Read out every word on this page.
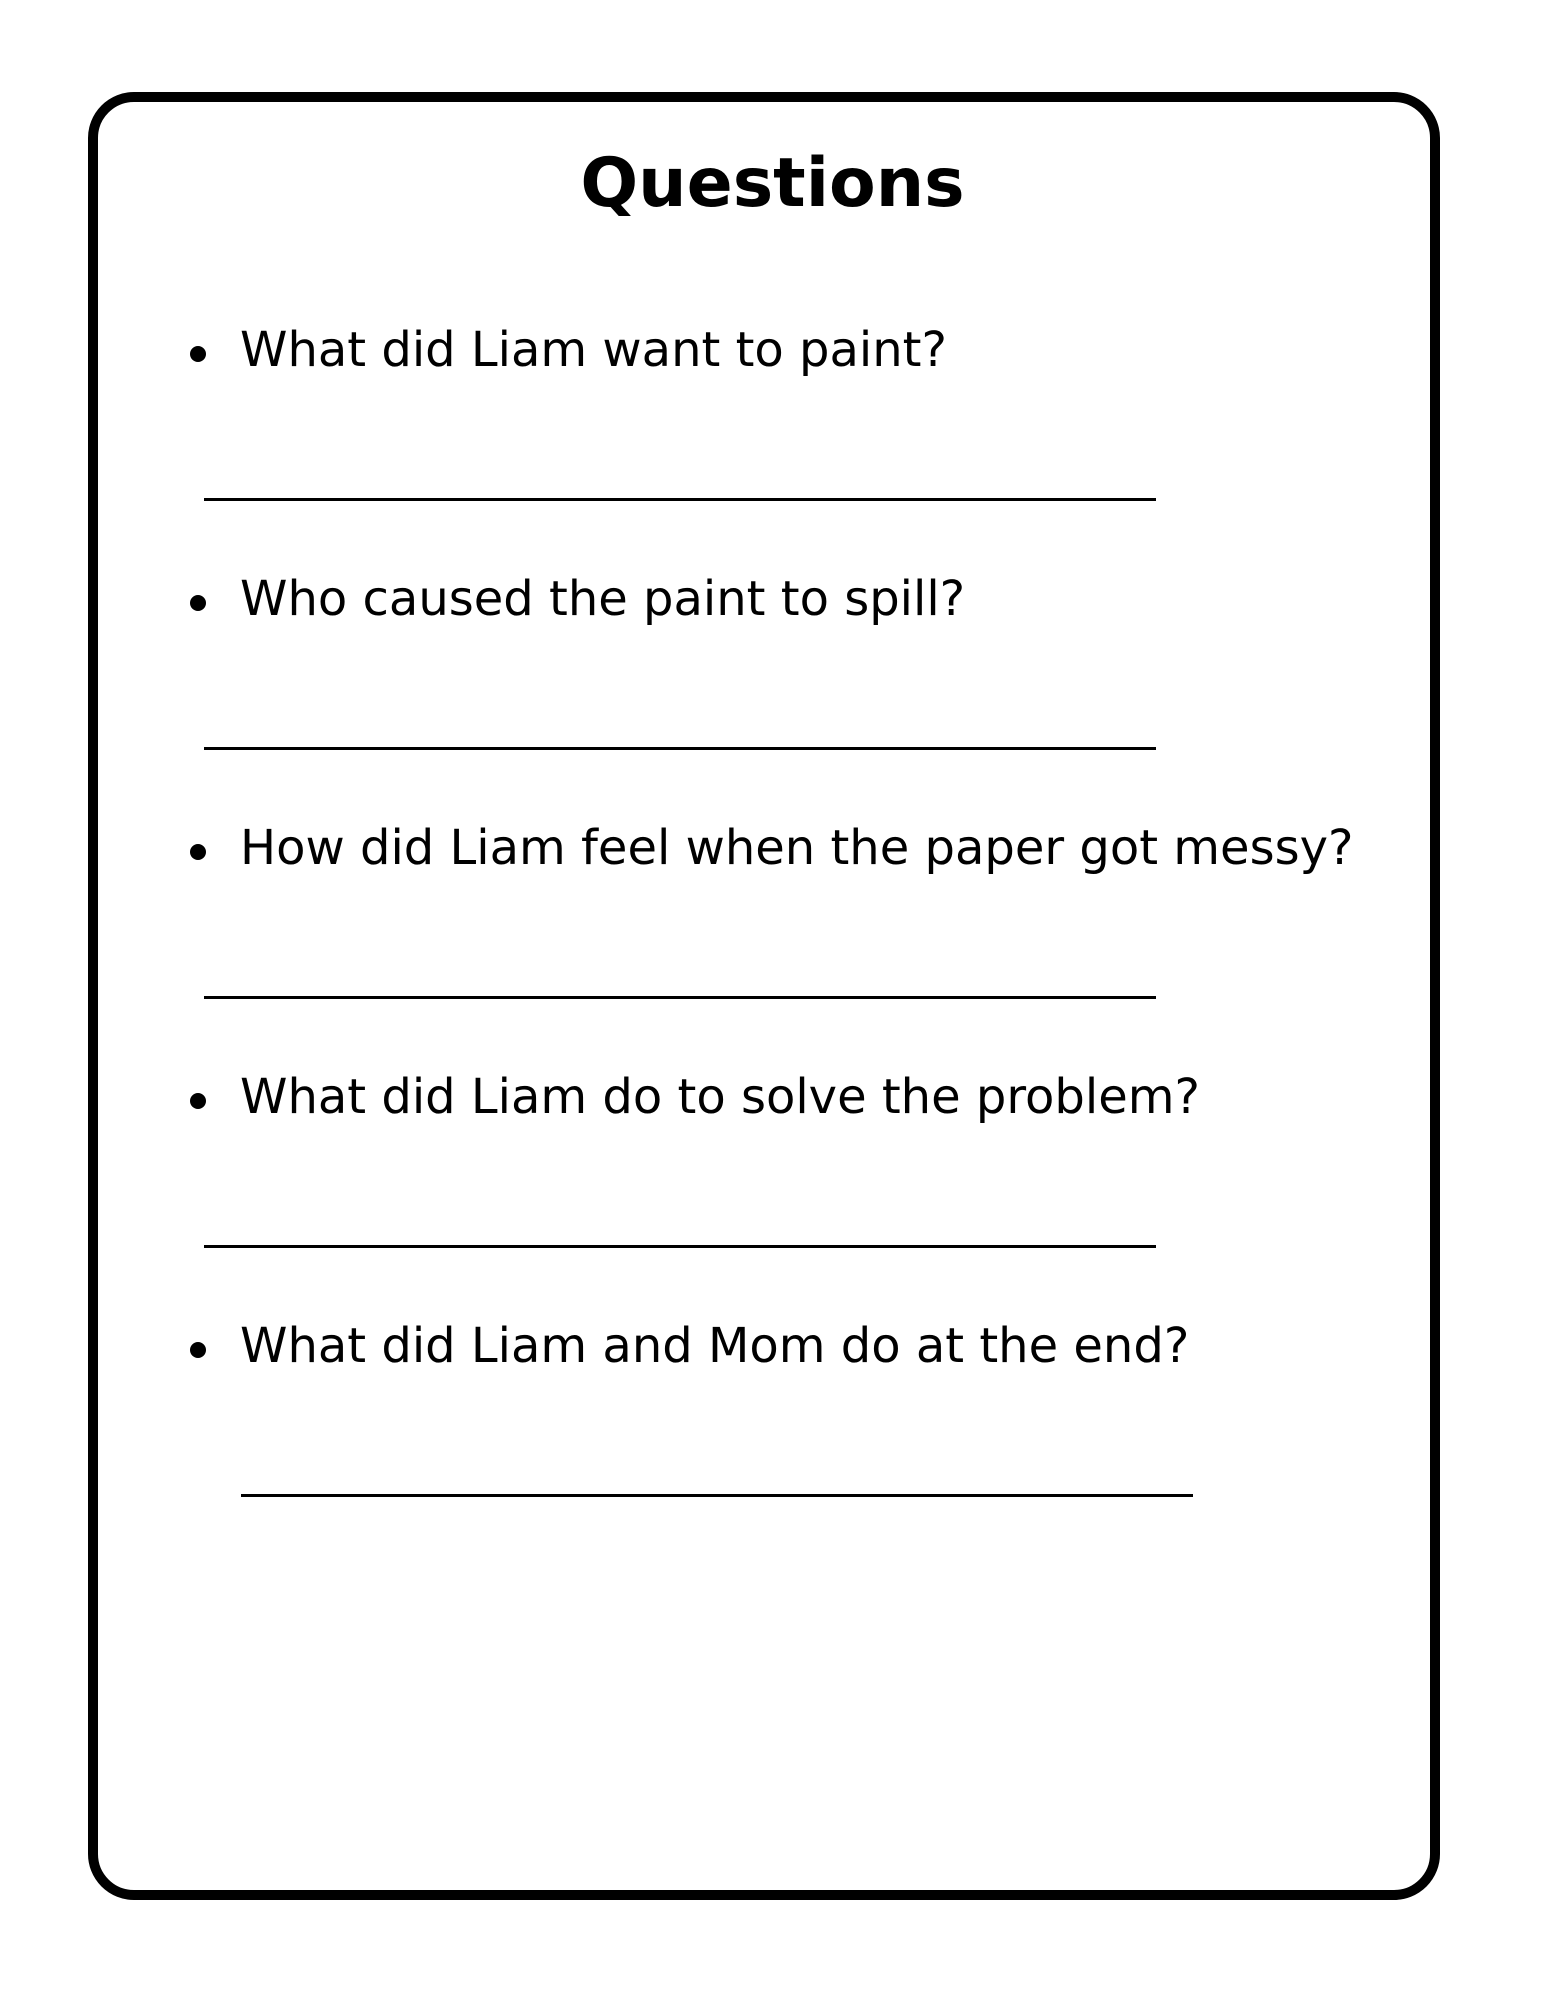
Questions
What did Liam want to paint?
Who caused the paint to spill?
How did Liam feel when the paper got messy?
What did Liam do to solve the problem?
What did Liam and Mom do at the end?
